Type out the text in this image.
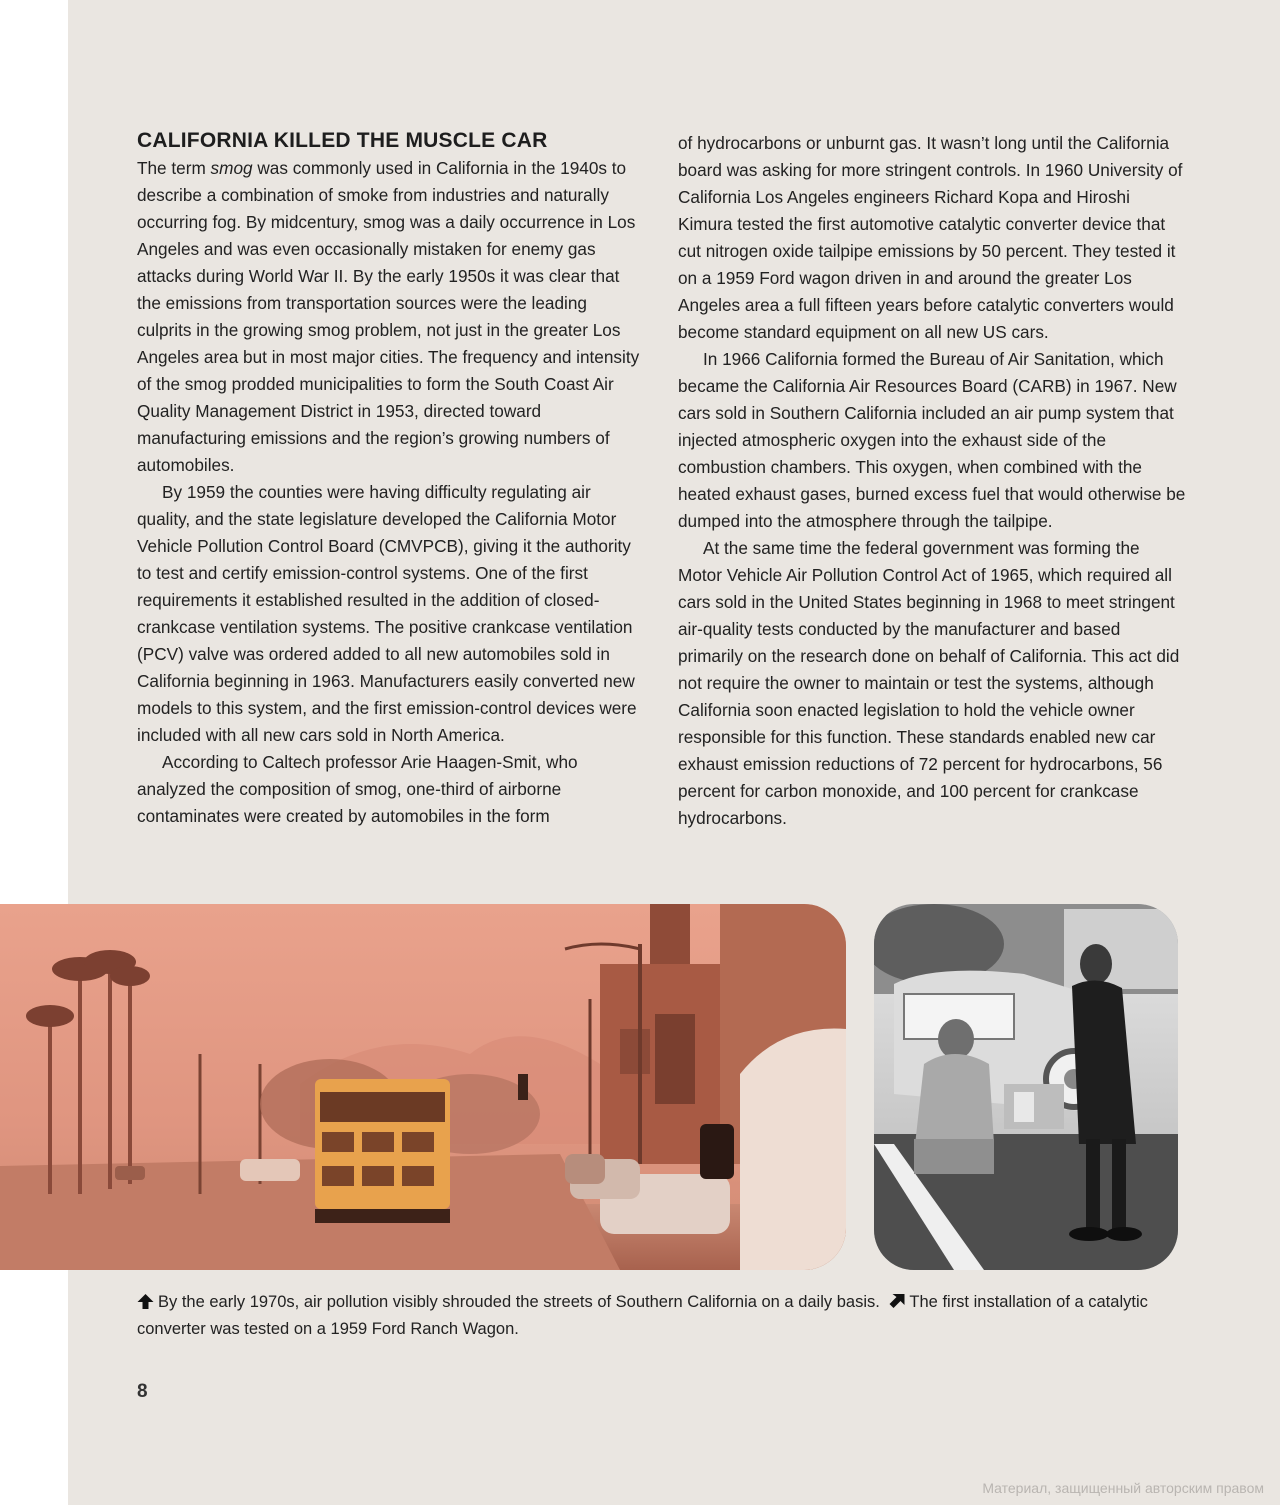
CALIFORNIA KILLED THE MUSCLE CAR

The term smog was commonly used in California in the 1940s to describe a combination of smoke from industries and naturally occurring fog. By midcentury, smog was a daily occurrence in Los Angeles and was even occasionally mistaken for enemy gas attacks during World War II. By the early 1950s it was clear that the emissions from transportation sources were the leading culprits in the growing smog problem, not just in the greater Los Angeles area but in most major cities. The frequency and intensity of the smog prodded municipalities to form the South Coast Air Quality Management District in 1953, directed toward manufacturing emissions and the region’s growing numbers of automobiles.

By 1959 the counties were having difficulty regulating air quality, and the state legislature developed the California Motor Vehicle Pollution Control Board (CMVPCB), giving it the authority to test and certify emission-control systems. One of the first requirements it established resulted in the addition of closed-crankcase ventilation systems. The positive crankcase ventilation (PCV) valve was ordered added to all new automobiles sold in California beginning in 1963. Manufacturers easily converted new models to this system, and the first emission-control devices were included with all new cars sold in North America.

According to Caltech professor Arie Haagen-Smit, who analyzed the composition of smog, one-third of airborne contaminates were created by automobiles in the form

of hydrocarbons or unburnt gas. It wasn’t long until the California board was asking for more stringent controls. In 1960 University of California Los Angeles engineers Richard Kopa and Hiroshi Kimura tested the first automotive catalytic converter device that cut nitrogen oxide tailpipe emissions by 50 percent. They tested it on a 1959 Ford wagon driven in and around the greater Los Angeles area a full fifteen years before catalytic converters would become standard equipment on all new US cars.

In 1966 California formed the Bureau of Air Sanitation, which became the California Air Resources Board (CARB) in 1967. New cars sold in Southern California included an air pump system that injected atmospheric oxygen into the exhaust side of the combustion chambers. This oxygen, when combined with the heated exhaust gases, burned excess fuel that would otherwise be dumped into the atmosphere through the tailpipe.

At the same time the federal government was forming the Motor Vehicle Air Pollution Control Act of 1965, which required all cars sold in the United States beginning in 1968 to meet stringent air-quality tests conducted by the manufacturer and based primarily on the research done on behalf of California. This act did not require the owner to maintain or test the systems, although California soon enacted legislation to hold the vehicle owner responsible for this function. These standards enabled new car exhaust emission reductions of 72 percent for hydrocarbons, 56 percent for carbon monoxide, and 100 percent for crankcase hydrocarbons.

By the early 1970s, air pollution visibly shrouded the streets of Southern California on a daily basis. The first installation of a catalytic converter was tested on a 1959 Ford Ranch Wagon.
8
Материал, защищенный авторским правом
